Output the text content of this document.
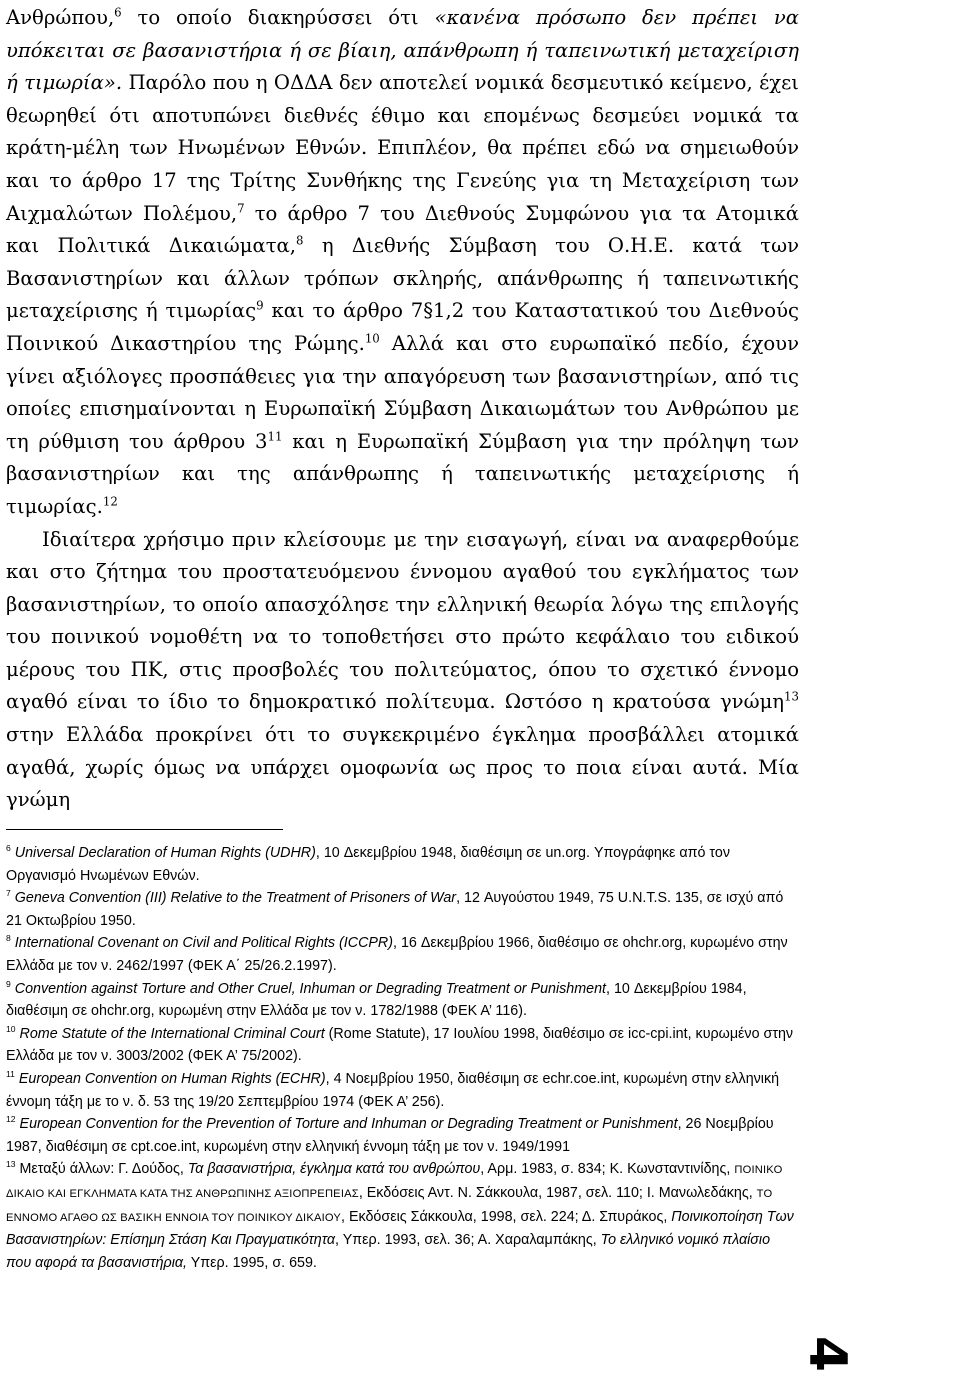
Ανθρώπου,$^6$ το οποίο διακηρύσσει ότι «κανένα πρόσωπο δεν πρέπει να υπόκειται σε βασανιστήρια ή σε βίαιη, απάνθρωπη ή ταπεινωτική μεταχείριση ή τιμωρία». Παρόλο που η ΟΔΔΑ δεν αποτελεί νομικά δεσμευτικό κείμενο, έχει θεωρηθεί ότι αποτυπώνει διεθνές έθιμο και επομένως δεσμεύει νομικά τα κράτη-μέλη των Ηνωμένων Εθνών. Επιπλέον, θα πρέπει εδώ να σημειωθούν και το άρθρο 17 της Τρίτης Συνθήκης της Γενεύης για τη Μεταχείριση των Αιχμαλώτων Πολέμου,$^7$ το άρθρο 7 του Διεθνούς Συμφώνου για τα Ατομικά και Πολιτικά Δικαιώματα,$^8$ η Διεθνής Σύμβαση του Ο.Η.Ε. κατά των Βασανιστηρίων και άλλων τρόπων σκληρής, απάνθρωπης ή ταπεινωτικής μεταχείρισης ή τιμωρίας$^9$ και το άρθρο 7§1,2 του Καταστατικού του Διεθνούς Ποινικού Δικαστηρίου της Ρώμης.$^{10}$ Αλλά και στο ευρωπαϊκό πεδίο, έχουν γίνει αξιόλογες προσπάθειες για την απαγόρευση των βασανιστηρίων, από τις οποίες επισημαίνονται η Ευρωπαϊκή Σύμβαση Δικαιωμάτων του Ανθρώπου με τη ρύθμιση του άρθρου $3^{11}$ και η Ευρωπαϊκή Σύμβαση για την πρόληψη των βασανιστηρίων και της απάνθρωπης ή ταπεινωτικής μεταχείρισης ή τιμωρίας.$^{12}$

Ιδιαίτερα χρήσιμο πριν κλείσουμε με την εισαγωγή, είναι να αναφερθούμε και στο ζήτημα του προστατευόμενου έννομου αγαθού του εγκλήματος των βασανιστηρίων, το οποίο απασχόλησε την ελληνική θεωρία λόγω της επιλογής του ποινικού νομοθέτη να το τοποθετήσει στο πρώτο κεφάλαιο του ειδικού μέρους του ΠΚ, στις προσβολές του πολιτεύματος, όπου το σχετικό έννομο αγαθό είναι το ίδιο το δημοκρατικό πολίτευμα. Ωστόσο η κρατούσα γνώμη$^{13}$ στην Ελλάδα προκρίνει ότι το συγκεκριμένο έγκλημα προσβάλλει ατομικά αγαθά, χωρίς όμως να υπάρχει ομοφωνία ως προς το ποια είναι αυτά. Μία γνώμη

$^6$ Universal Declaration of Human Rights (UDHR), 10 Δεκεμβρίου 1948, διαθέσιμη σε un.org. Υπογράφηκε από τον Οργανισμό Ηνωμένων Εθνών.

$^7$ Geneva Convention (III) Relative to the Treatment of Prisoners of War, 12 Αυγούστου 1949, 75 U.N.T.S. 135, σε ισχύ από 21 Οκτωβρίου 1950.

$^8$ International Covenant on Civil and Political Rights (ICCPR), 16 Δεκεμβρίου 1966, διαθέσιμο σε ohchr.org, κυρωμένο στην Ελλάδα με τον ν. 2462/1997 (ΦΕΚ Α΄ 25/26.2.1997).

$^9$ Convention against Torture and Other Cruel, Inhuman or Degrading Treatment or Punishment, 10 Δεκεμβρίου 1984, διαθέσιμη σε ohchr.org, κυρωμένη στην Ελλάδα με τον ν. 1782/1988 (ΦΕΚ Α’ 116).

$^{10}$ Rome Statute of the International Criminal Court (Rome Statute), 17 Ιουλίου 1998, διαθέσιμο σε icc-cpi.int, κυρωμένο στην Ελλάδα με τον ν. 3003/2002 (ΦΕΚ Α’ 75/2002).

$^{11}$ European Convention on Human Rights (ECHR), 4 Νοεμβρίου 1950, διαθέσιμη σε echr.coe.int, κυρωμένη στην ελληνική έννομη τάξη με το ν. δ. 53 της 19/20 Σεπτεμβρίου 1974 (ΦΕΚ Α’ 256).

$^{12}$ European Convention for the Prevention of Torture and Inhuman or Degrading Treatment or Punishment, 26 Νοεμβρίου 1987, διαθέσιμη σε cpt.coe.int, κυρωμένη στην ελληνική έννομη τάξη με τον ν. 1949/1991

$^{13}$ Μεταξύ άλλων: Γ. Δούδος, Τα βασανιστήρια, έγκλημα κατά του ανθρώπου, Αρμ. 1983, σ. 834; Κ. Κωνσταντινίδης, ΠΟΙΝΙΚΟ ΔΙΚΑΙΟ ΚΑΙ ΕΓΚΛΗΜΑΤΑ ΚΑΤΑ ΤΗΣ ΑΝΘΡΩΠΙΝΗΣ ΑΞΙΟΠΡΕΠΕΙΑΣ, Εκδόσεις Αντ. Ν. Σάκκουλα, 1987, σελ. 110; Ι. Μανωλεδάκης, ΤΟ ΕΝΝΟΜΟ ΑΓΑΘΟ ΩΣ ΒΑΣΙΚΗ ΕΝΝΟΙΑ ΤΟΥ ΠΟΙΝΙΚΟΥ ΔΙΚΑΙΟΥ, Εκδόσεις Σάκκουλα, 1998, σελ. 224; Δ. Σπυράκος, Ποινικοποίηση Των Βασανιστηρίων: Επίσημη Στάση Και Πραγματικότητα, Υπερ. 1993, σελ. 36; Α. Χαραλαμπάκης, Το ελληνικό νομικό πλαίσιο που αφορά τα βασανιστήρια, Υπερ. 1995, σ. 659.

4
